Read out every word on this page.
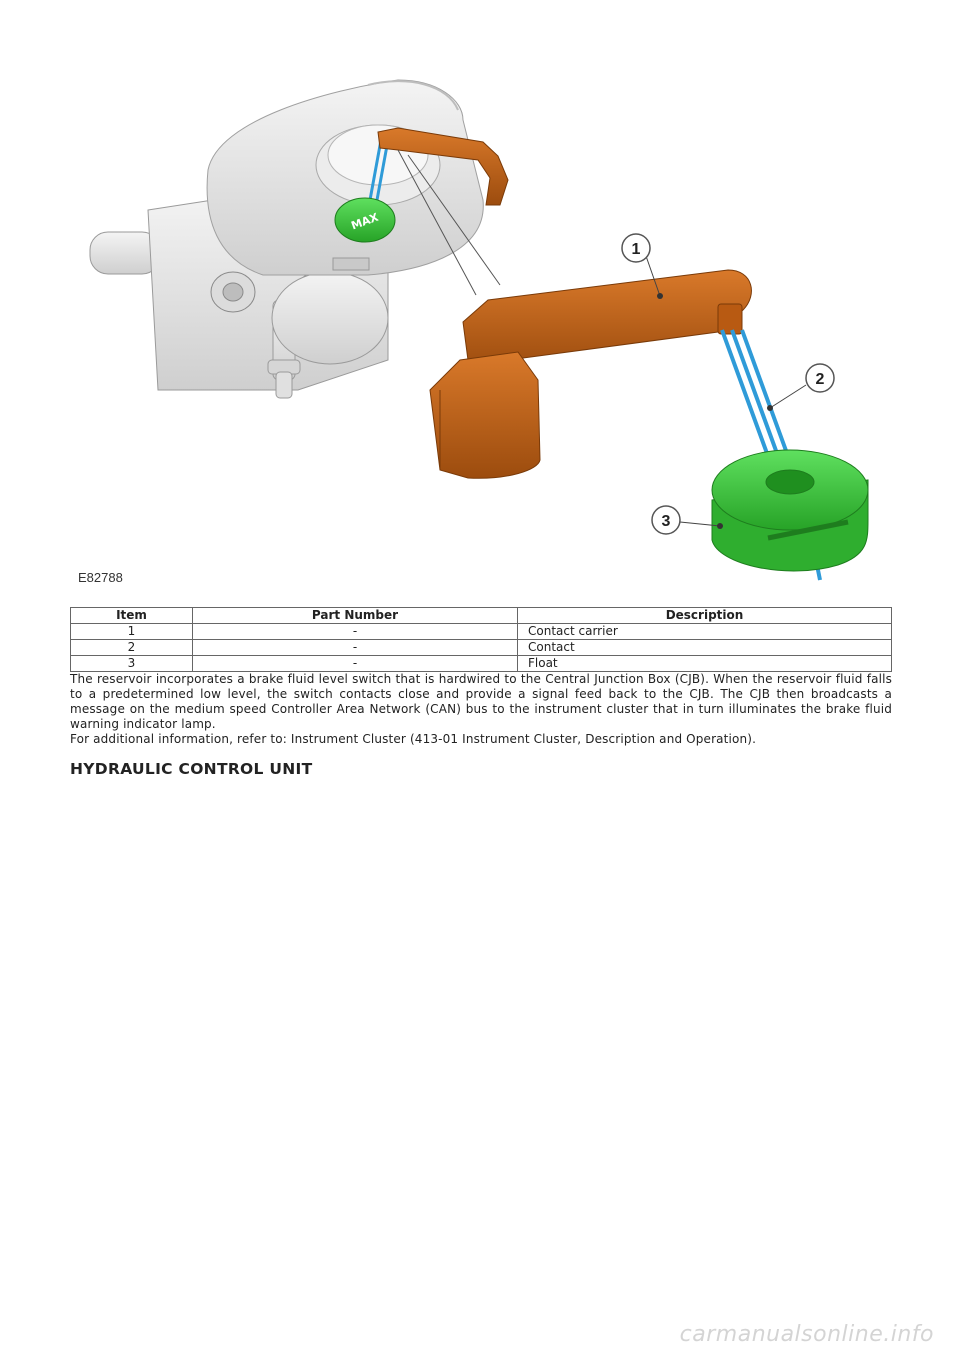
MAX
1
2
3
E82788
Item	Part Number	Description
1	-	Contact carrier
2	-	Contact
3	-	Float

The reservoir incorporates a brake fluid level switch that is hardwired to the Central Junction Box (CJB). When the reservoir fluid falls to a predetermined low level, the switch contacts close and provide a signal feed back to the CJB. The CJB then broadcasts a message on the medium speed Controller Area Network (CAN) bus to the instrument cluster that in turn illuminates the brake fluid warning indicator lamp.

For additional information, refer to: Instrument Cluster (413-01 Instrument Cluster, Description and Operation).

HYDRAULIC CONTROL UNIT
carmanualsonline.info
